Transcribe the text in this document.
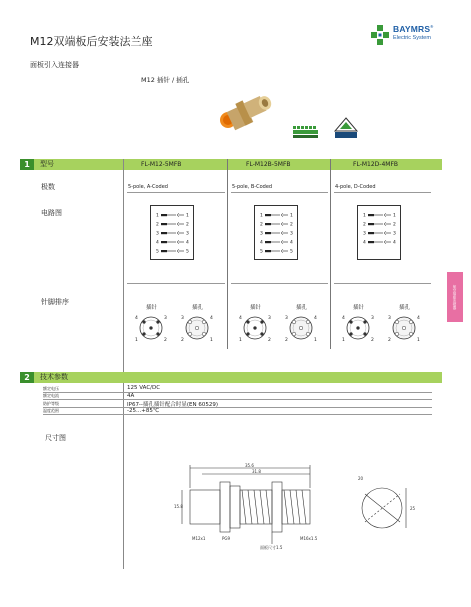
M12双端板后安装法兰座
BAYMRS®
Electric System
面板引入连接器
M12 插针 / 插孔
1	型号	FL-M12-5MFB	FL-M12B-5MFB	FL-M12D-4MFB
极数	5-pole, A-Coded	5-pole, B-Coded	4-pole, D-Coded
电路图	1	1
2	2
3	3
4	4
5	5
1	1
2	2
3	3
4	4
5	5
1	1
2	2
3	3
4	4
针脚排序
插针	插孔
4	3
1	2
3	4
2	1
插针	插孔
4	3
1	2
3	4
2	1
插针	插孔
4	3
1	2
3	4
2	1
航空插座连接器
2	技术参数
额定电压	125 VAC/DC
额定电流	4A
防护等级	IP67--插孔插针配合时显(EN 60529)
温度范围	-25...+85℃
尺寸图
35.6
31.8
15.8	25
20
M12x1	PG9	M16x1.5
面板尺寸1.5
